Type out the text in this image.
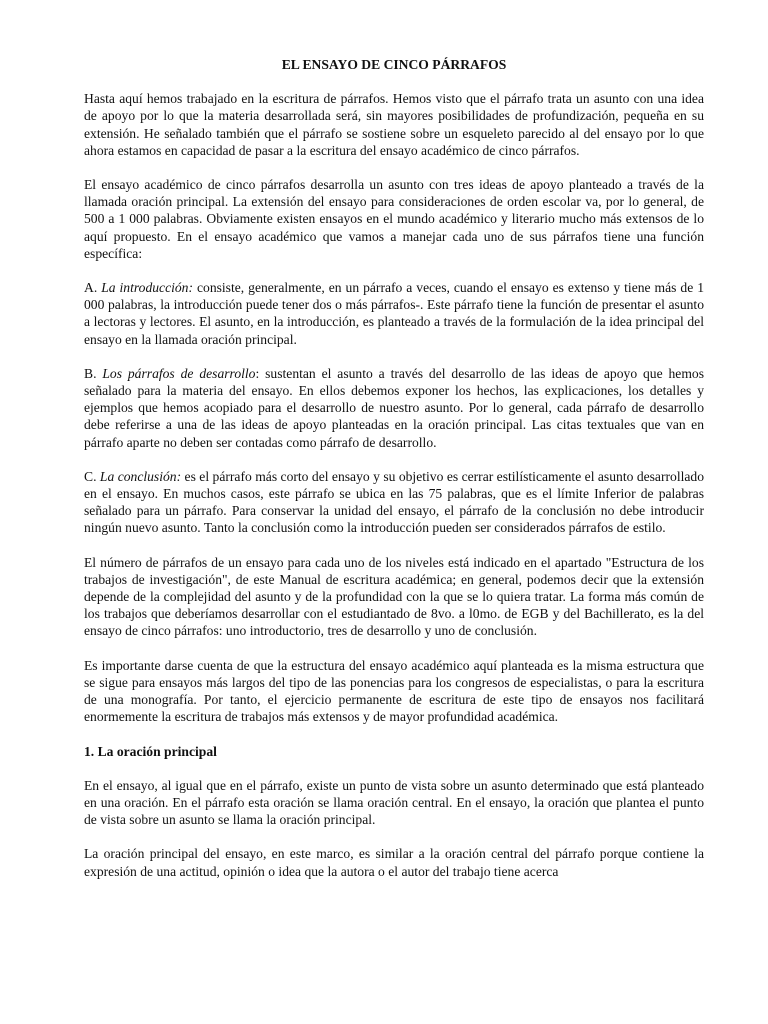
EL ENSAYO DE CINCO PÁRRAFOS

Hasta aquí hemos trabajado en la escritura de párrafos. Hemos visto que el párrafo trata un asunto con una idea de apoyo por lo que la materia desarrollada será, sin mayores posibilidades de profundización, pequeña en su extensión. He señalado también que el párrafo se sostiene sobre un esqueleto parecido al del ensayo por lo que ahora estamos en capacidad de pasar a la escritura del ensayo académico de cinco párrafos.

El ensayo académico de cinco párrafos desarrolla un asunto con tres ideas de apoyo planteado a través de la llamada oración principal. La extensión del ensayo para consideraciones de orden escolar va, por lo general, de 500 a 1 000 palabras. Obviamente existen ensayos en el mundo académico y literario mucho más extensos de lo aquí propuesto. En el ensayo académico que vamos a manejar cada uno de sus párrafos tiene una función específica:

A. La introducción: consiste, generalmente, en un párrafo a veces, cuando el ensayo es extenso y tiene más de 1 000 palabras, la introducción puede tener dos o más párrafos-. Este párrafo tiene la función de presentar el asunto a lectoras y lectores. El asunto, en la introducción, es planteado a través de la formulación de la idea principal del ensayo en la llamada oración principal.

B. Los párrafos de desarrollo: sustentan el asunto a través del desarrollo de las ideas de apoyo que hemos señalado para la materia del ensayo. En ellos debemos exponer los hechos, las explicaciones, los detalles y ejemplos que hemos acopiado para el desarrollo de nuestro asunto. Por lo general, cada párrafo de desarrollo debe referirse a una de las ideas de apoyo planteadas en la oración principal. Las citas textuales que van en párrafo aparte no deben ser contadas como párrafo de desarrollo.

C. La conclusión: es el párrafo más corto del ensayo y su objetivo es cerrar estilísticamente el asunto desarrollado en el ensayo. En muchos casos, este párrafo se ubica en las 75 palabras, que es el límite Inferior de palabras señalado para un párrafo. Para conservar la unidad del ensayo, el párrafo de la conclusión no debe introducir ningún nuevo asunto. Tanto la conclusión como la introducción pueden ser considerados párrafos de estilo.

El número de párrafos de un ensayo para cada uno de los niveles está indicado en el apartado "Estructura de los trabajos de investigación", de este Manual de escritura académica; en general, podemos decir que la extensión depende de la complejidad del asunto y de la profundidad con la que se lo quiera tratar. La forma más común de los trabajos que deberíamos desarrollar con el estudiantado de 8vo. a l0mo. de EGB y del Bachillerato, es la del ensayo de cinco párrafos: uno introductorio, tres de desarrollo y uno de conclusión.

Es importante darse cuenta de que la estructura del ensayo académico aquí planteada es la misma estructura que se sigue para ensayos más largos del tipo de las ponencias para los congresos de especialistas, o para la escritura de una monografía. Por tanto, el ejercicio permanente de escritura de este tipo de ensayos nos facilitará enormemente la escritura de trabajos más extensos y de mayor profundidad académica.

1. La oración principal

En el ensayo, al igual que en el párrafo, existe un punto de vista sobre un asunto determinado que está planteado en una oración. En el párrafo esta oración se llama oración central. En el ensayo, la oración que plantea el punto de vista sobre un asunto se llama la oración principal.

La oración principal del ensayo, en este marco, es similar a la oración central del párrafo porque contiene la expresión de una actitud, opinión o idea que la autora o el autor del trabajo tiene acerca
